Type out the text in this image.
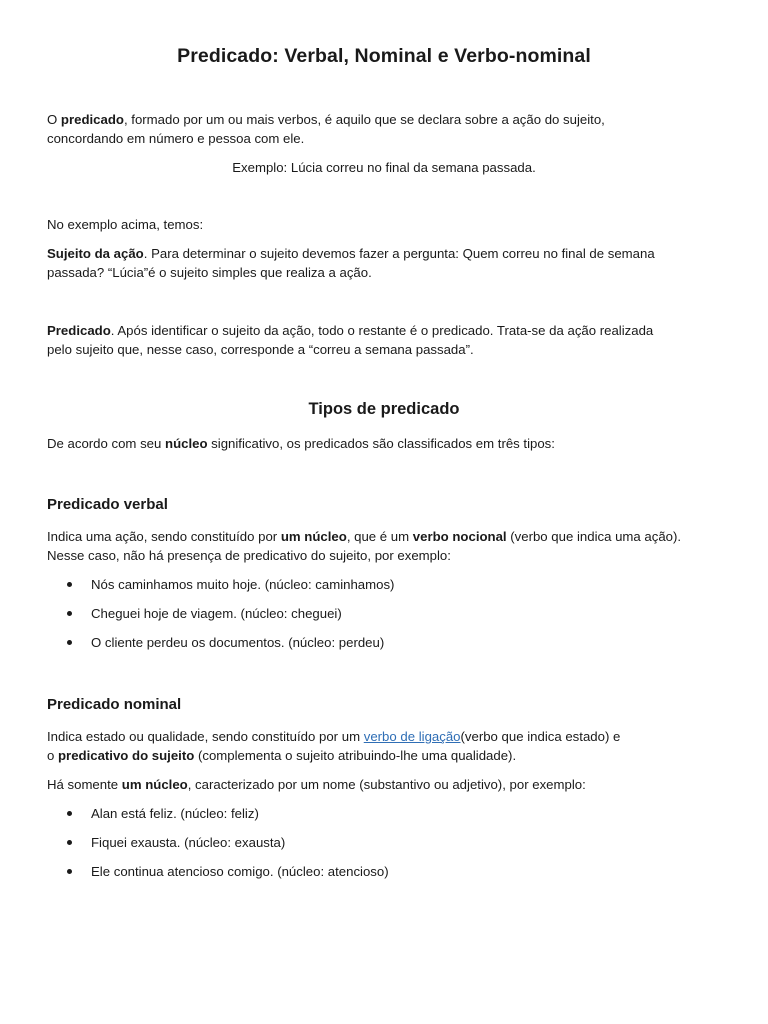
Predicado: Verbal, Nominal e Verbo-nominal
O predicado, formado por um ou mais verbos, é aquilo que se declara sobre a ação do sujeito,
concordando em número e pessoa com ele.
Exemplo: Lúcia correu no final da semana passada.
No exemplo acima, temos:
Sujeito da ação. Para determinar o sujeito devemos fazer a pergunta: Quem correu no final de semana
passada? “Lúcia”é o sujeito simples que realiza a ação.
Predicado. Após identificar o sujeito da ação, todo o restante é o predicado. Trata-se da ação realizada
pelo sujeito que, nesse caso, corresponde a “correu a semana passada”.
Tipos de predicado
De acordo com seu núcleo significativo, os predicados são classificados em três tipos:
Predicado verbal
Indica uma ação, sendo constituído por um núcleo, que é um verbo nocional (verbo que indica uma ação).
Nesse caso, não há presença de predicativo do sujeito, por exemplo:
Nós caminhamos muito hoje. (núcleo: caminhamos)
Cheguei hoje de viagem. (núcleo: cheguei)
O cliente perdeu os documentos. (núcleo: perdeu)
Predicado nominal
Indica estado ou qualidade, sendo constituído por um verbo de ligação(verbo que indica estado) e
o predicativo do sujeito (complementa o sujeito atribuindo-lhe uma qualidade).
Há somente um núcleo, caracterizado por um nome (substantivo ou adjetivo), por exemplo:
Alan está feliz. (núcleo: feliz)
Fiquei exausta. (núcleo: exausta)
Ele continua atencioso comigo. (núcleo: atencioso)
